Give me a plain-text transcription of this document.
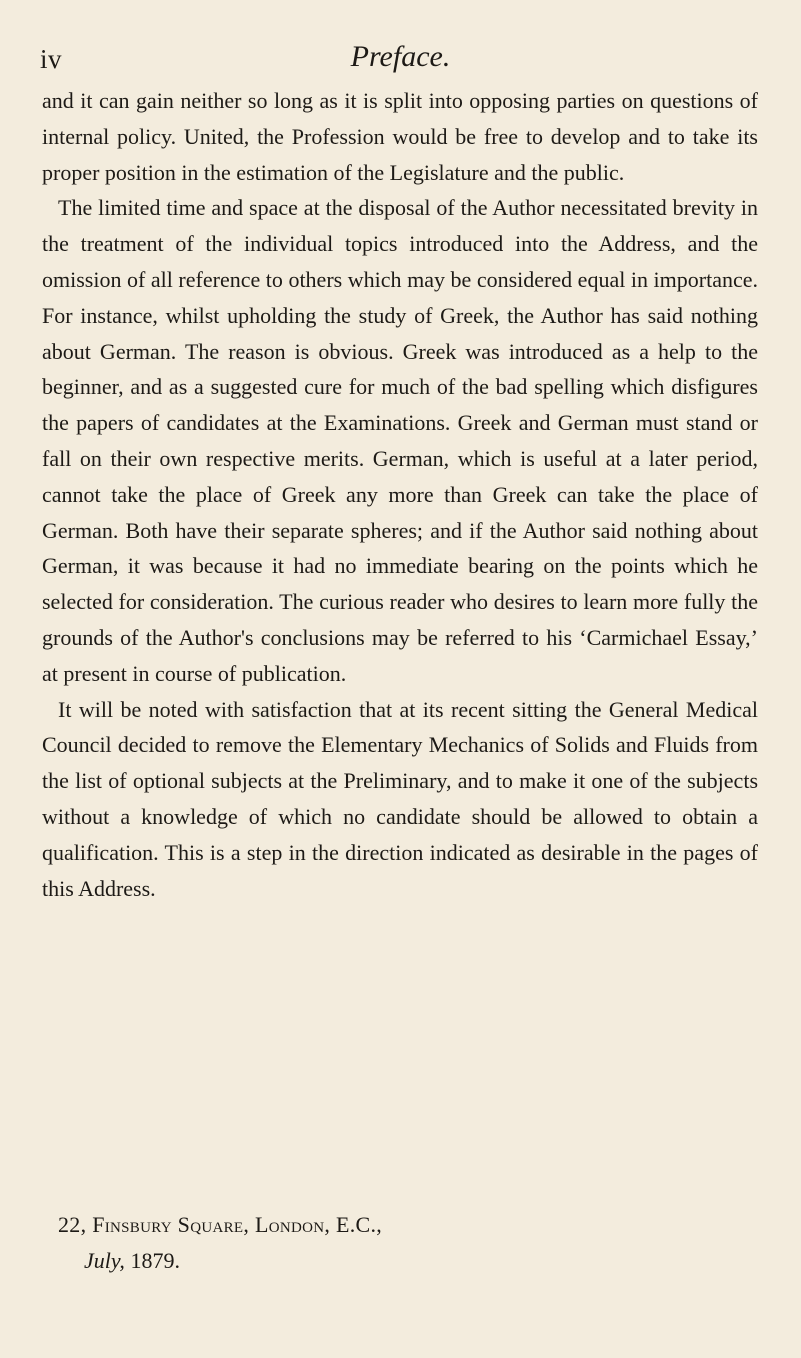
iv	Preface.

and it can gain neither so long as it is split into opposing parties on questions of internal policy. United, the Profession would be free to develop and to take its proper position in the estimation of the Legislature and the public.

The limited time and space at the disposal of the Author necessitated brevity in the treatment of the individual topics introduced into the Address, and the omission of all reference to others which may be considered equal in importance. For instance, whilst upholding the study of Greek, the Author has said nothing about German. The reason is obvious. Greek was introduced as a help to the beginner, and as a suggested cure for much of the bad spelling which disfigures the papers of candidates at the Examinations. Greek and German must stand or fall on their own respective merits. German, which is useful at a later period, cannot take the place of Greek any more than Greek can take the place of German. Both have their separate spheres; and if the Author said nothing about German, it was because it had no immediate bearing on the points which he selected for consideration. The curious reader who desires to learn more fully the grounds of the Author's conclusions may be referred to his ‘Carmichael Essay,’ at present in course of publication.

It will be noted with satisfaction that at its recent sitting the General Medical Council decided to remove the Elementary Mechanics of Solids and Fluids from the list of optional subjects at the Preliminary, and to make it one of the subjects without a knowledge of which no candidate should be allowed to obtain a qualification. This is a step in the direction indicated as desirable in the pages of this Address.

22, Finsbury Square, London, E.C.,
July, 1879.
